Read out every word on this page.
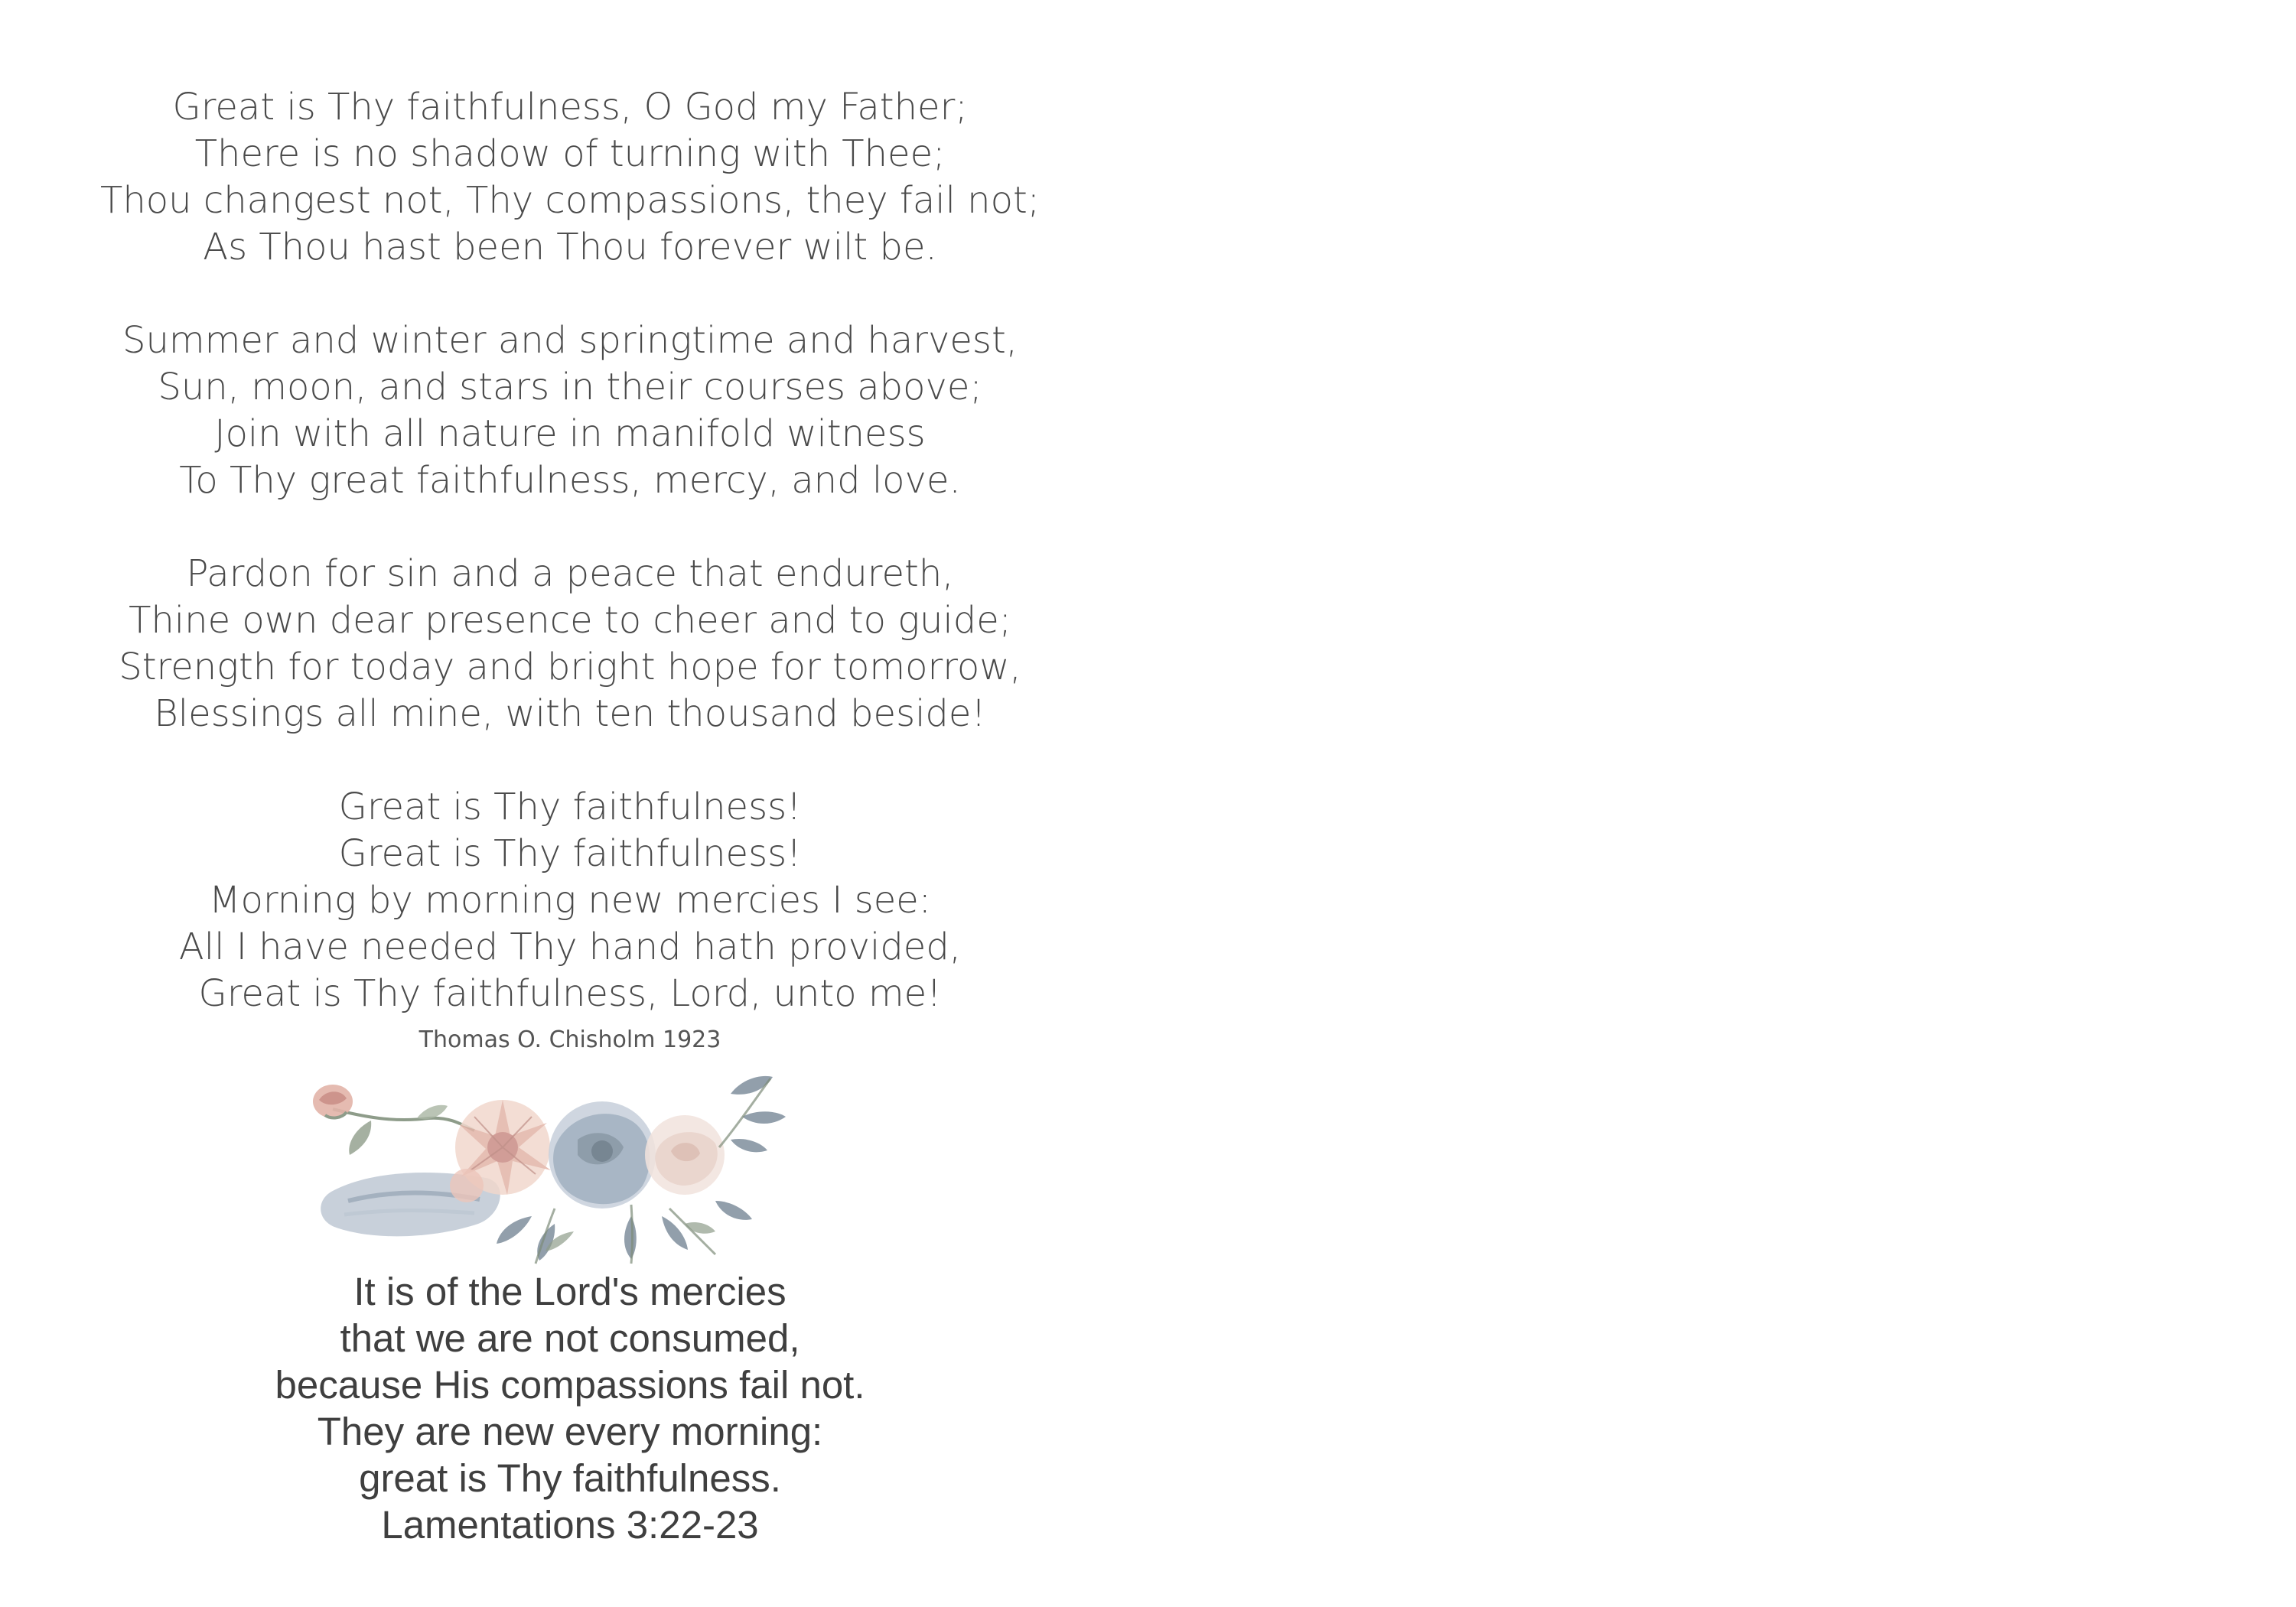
Great is Thy faithfulness, O God my Father;
There is no shadow of turning with Thee;
Thou changest not, Thy compassions, they fail not;
As Thou hast been Thou forever wilt be.
Summer and winter and springtime and harvest,
Sun, moon, and stars in their courses above;
Join with all nature in manifold witness
To Thy great faithfulness, mercy, and love.
Pardon for sin and a peace that endureth,
Thine own dear presence to cheer and to guide;
Strength for today and bright hope for tomorrow,
Blessings all mine, with ten thousand beside!
Great is Thy faithfulness!
Great is Thy faithfulness!
Morning by morning new mercies I see:
All I have needed Thy hand hath provided,
Great is Thy faithfulness, Lord, unto me!
Thomas O. Chisholm 1923
It is of the Lord's mercies
that we are not consumed,
because His compassions fail not.
They are new every morning:
great is Thy faithfulness.
Lamentations 3:22-23
